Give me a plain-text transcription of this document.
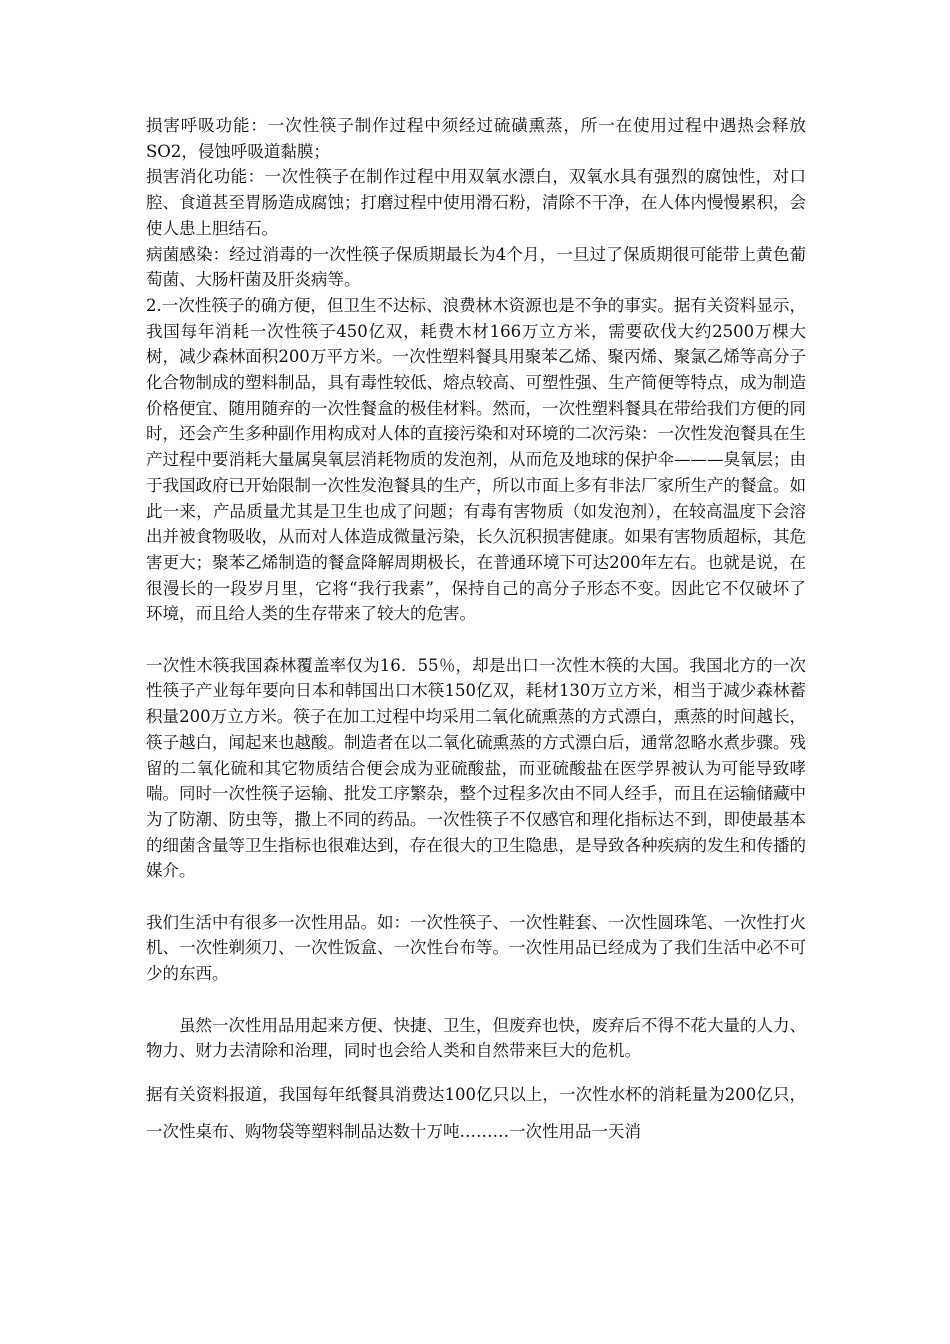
损害呼吸功能：一次性筷子制作过程中须经过硫磺熏蒸，所一在使用过程中遇热会释放SO2，侵蚀呼吸道黏膜；

损害消化功能：一次性筷子在制作过程中用双氧水漂白，双氧水具有强烈的腐蚀性，对口腔、食道甚至胃肠造成腐蚀；打磨过程中使用滑石粉，清除不干净，在人体内慢慢累积，会使人患上胆结石。

病菌感染：经过消毒的一次性筷子保质期最长为4个月，一旦过了保质期很可能带上黄色葡萄菌、大肠杆菌及肝炎病等。

2.一次性筷子的确方便，但卫生不达标、浪费林木资源也是不争的事实。据有关资料显示，我国每年消耗一次性筷子450亿双，耗费木材166万立方米，需要砍伐大约2500万棵大树，减少森林面积200万平方米。一次性塑料餐具用聚苯乙烯、聚丙烯、聚氯乙烯等高分子化合物制成的塑料制品，具有毒性较低、熔点较高、可塑性强、生产简便等特点，成为制造价格便宜、随用随弃的一次性餐盒的极佳材料。然而，一次性塑料餐具在带给我们方便的同时，还会产生多种副作用构成对人体的直接污染和对环境的二次污染：一次性发泡餐具在生产过程中要消耗大量属臭氧层消耗物质的发泡剂，从而危及地球的保护伞———臭氧层；由于我国政府已开始限制一次性发泡餐具的生产，所以市面上多有非法厂家所生产的餐盒。如此一来，产品质量尤其是卫生也成了问题；有毒有害物质（如发泡剂），在较高温度下会溶出并被食物吸收，从而对人体造成微量污染，长久沉积损害健康。如果有害物质超标，其危害更大；聚苯乙烯制造的餐盒降解周期极长，在普通环境下可达200年左右。也就是说，在很漫长的一段岁月里，它将“我行我素”，保持自己的高分子形态不变。因此它不仅破坏了环境，而且给人类的生存带来了较大的危害。

一次性木筷我国森林覆盖率仅为16．55％，却是出口一次性木筷的大国。我国北方的一次性筷子产业每年要向日本和韩国出口木筷150亿双，耗材130万立方米，相当于减少森林蓄积量200万立方米。筷子在加工过程中均采用二氧化硫熏蒸的方式漂白，熏蒸的时间越长，筷子越白，闻起来也越酸。制造者在以二氧化硫熏蒸的方式漂白后，通常忽略水煮步骤。残留的二氧化硫和其它物质结合便会成为亚硫酸盐，而亚硫酸盐在医学界被认为可能导致哮喘。同时一次性筷子运输、批发工序繁杂，整个过程多次由不同人经手，而且在运输储藏中为了防潮、防虫等，撒上不同的药品。一次性筷子不仅感官和理化指标达不到，即使最基本的细菌含量等卫生指标也很难达到，存在很大的卫生隐患，是导致各种疾病的发生和传播的媒介。

我们生活中有很多一次性用品。如：一次性筷子、一次性鞋套、一次性圆珠笔、一次性打火机、一次性剃须刀、一次性饭盒、一次性台布等。一次性用品已经成为了我们生活中必不可少的东西。

虽然一次性用品用起来方便、快捷、卫生，但废弃也快，废弃后不得不花大量的人力、物力、财力去清除和治理，同时也会给人类和自然带来巨大的危机。

据有关资料报道，我国每年纸餐具消费达100亿只以上，一次性水杯的消耗量为200亿只，一次性桌布、购物袋等塑料制品达数十万吨………一次性用品一天消
